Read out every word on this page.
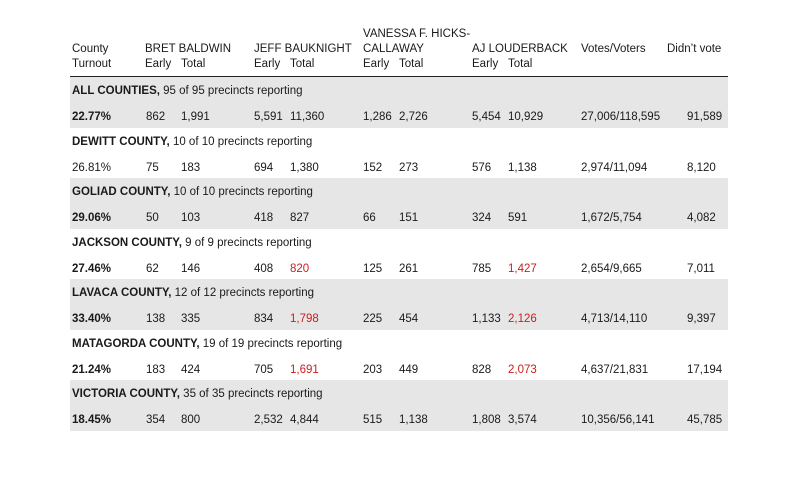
County
Turnout
BRET BALDWIN
Early Total
JEFF BAUKNIGHT
Early Total
VANESSA F. HICKS-
CALLAWAY
Early Total
AJ LOUDERBACK
Early Total
Votes/Voters Didn’t vote
ALL COUNTIES, 95 of 95 precincts reporting
22.77%	862 1,991	5,591 11,360	1,286 2,726	5,454 10,929	27,006/118,595 91,589
DEWITT COUNTY, 10 of 10 precincts reporting
26.81%	75 183	694 1,380	152 273	576 1,138	2,974/11,094	8,120
GOLIAD COUNTY, 10 of 10 precincts reporting
29.06%	50 103	418 827	66 151	324 591	1,672/5,754	4,082
JACKSON COUNTY, 9 of 9 precincts reporting
27.46%	62 146	408 820	125 261	785 1,427	2,654/9,665	7,011
LAVACA COUNTY, 12 of 12 precincts reporting
33.40%	138 335	834 1,798	225 454	1,133 2,126	4,713/14,110	9,397
MATAGORDA COUNTY, 19 of 19 precincts reporting
21.24%	183 424	705 1,691	203 449	828 2,073	4,637/21,831	17,194
VICTORIA COUNTY, 35 of 35 precincts reporting
18.45%	354 800	2,532 4,844	515 1,138	1,808 3,574	10,356/56,141	45,785
